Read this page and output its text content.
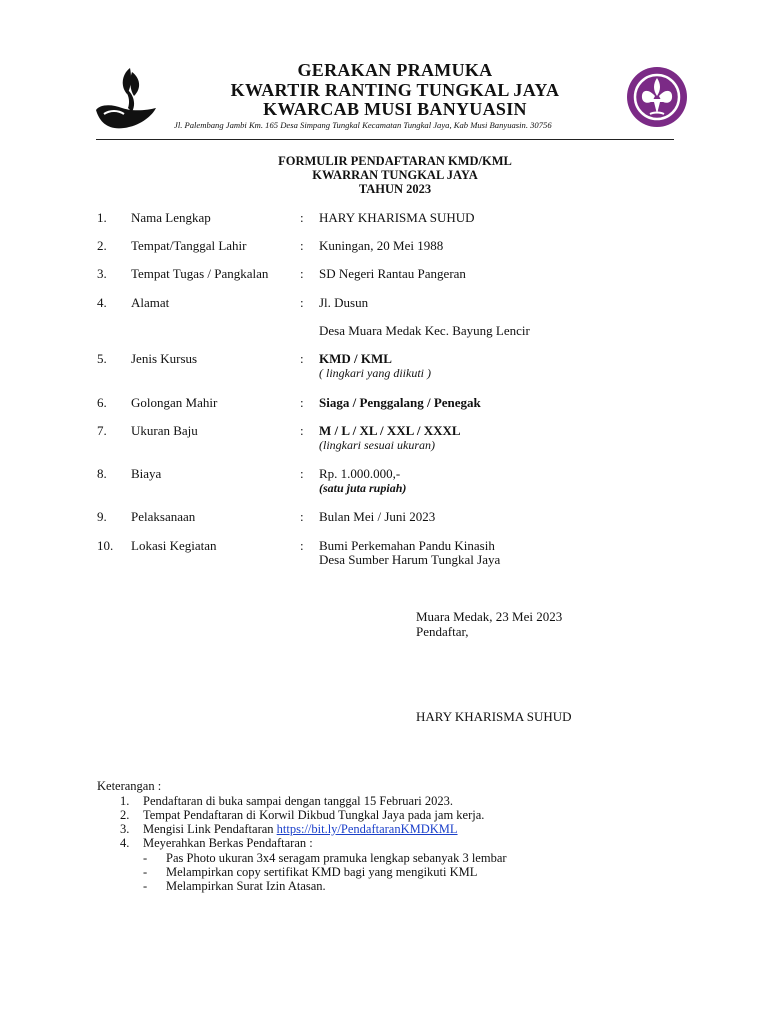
GERAKAN PRAMUKA
KWARTIR RANTING TUNGKAL JAYA
KWARCAB MUSI BANYUASIN
Jl. Palembang Jambi Km. 165 Desa Simpang Tungkal Kecamatan Tungkal Jaya, Kab Musi Banyuasin. 30756
FORMULIR PENDAFTARAN KMD/KML
KWARRAN TUNGKAL JAYA
TAHUN 2023
1. Nama Lengkap	: HARY KHARISMA SUHUD
2. Tempat/Tanggal Lahir	: Kuningan, 20 Mei 1988
3. Tempat Tugas / Pangkalan : SD Negeri Rantau Pangeran
4. Alamat	: Jl. Dusun
Desa Muara Medak Kec. Bayung Lencir
5. Jenis Kursus	: KMD / KML
( lingkari yang diikuti )
6. Golongan Mahir	: Siaga / Penggalang / Penegak
7. Ukuran Baju	: M / L / XL / XXL / XXXL
(lingkari sesuai ukuran)
8. Biaya	: Rp. 1.000.000,-
(satu juta rupiah)
9. Pelaksanaan	: Bulan Mei / Juni 2023
10. Lokasi Kegiatan	: Bumi Perkemahan Pandu Kinasih
Desa Sumber Harum Tungkal Jaya
Muara Medak, 23 Mei 2023
Pendaftar,
HARY KHARISMA SUHUD
Keterangan :
1. Pendaftaran di buka sampai dengan tanggal 15 Februari 2023.
2. Tempat Pendaftaran di Korwil Dikbud Tungkal Jaya pada jam kerja.
3. Mengisi Link Pendaftaran https://bit.ly/PendaftaranKMDKML
4. Meyerahkan Berkas Pendaftaran :
- Pas Photo ukuran 3x4 seragam pramuka lengkap sebanyak 3 lembar
- Melampirkan copy sertifikat KMD bagi yang mengikuti KML
- Melampirkan Surat Izin Atasan.
